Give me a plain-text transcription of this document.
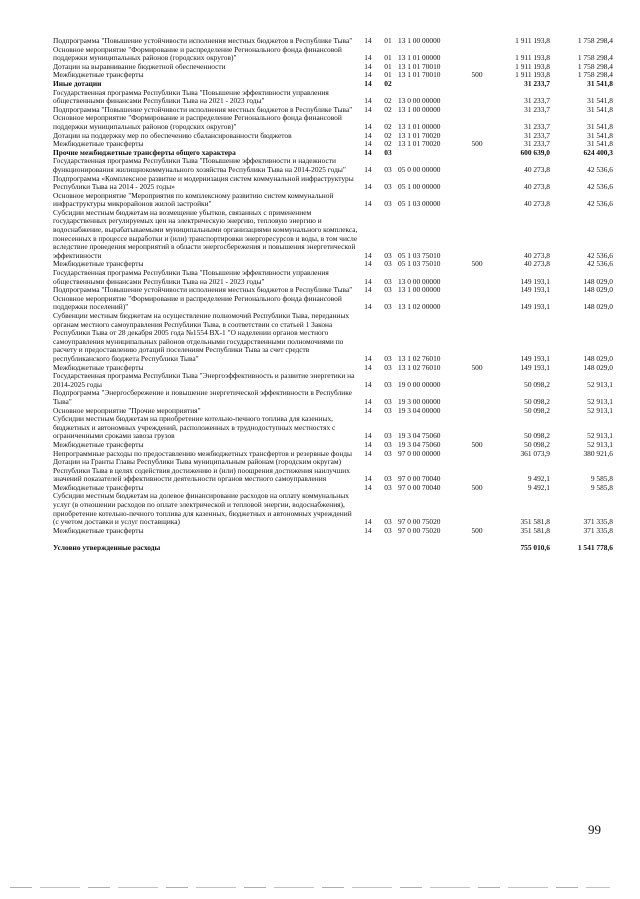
Подпрограмма "Повышение устойчивости исполнения местных бюджетов в Республике Тыва"	14	01	13 1 00 00000		1 911 193,8	1 758 298,4
Основное мероприятие "Формирование и распределение Регионального фонда финансовой поддержки муниципальных районов (городских округов)"	14	01	13 1 01 00000		1 911 193,8	1 758 298,4
Дотации на выравнивание бюджетной обеспеченности	14	01	13 1 01 70010		1 911 193,8	1 758 298,4
Межбюджетные трансферты	14	01	13 1 01 70010	500	1 911 193,8	1 758 298,4
Иные дотации	14	02			31 233,7	31 541,8
Государственная программа Республики Тыва "Повышение эффективности управления общественными финансами Республики Тыва на 2021 - 2023 годы"	14	02	13 0 00 00000		31 233,7	31 541,8
Подпрограмма "Повышение устойчивости исполнения местных бюджетов в Республике Тыва"	14	02	13 1 00 00000		31 233,7	31 541,8
Основное мероприятие "Формирование и распределение Регионального фонда финансовой поддержки муниципальных районов (городских округов)"	14	02	13 1 01 00000		31 233,7	31 541,8
Дотации на поддержку мер по обеспечению сбалансированности бюджетов	14	02	13 1 01 70020		31 233,7	31 541,8
Межбюджетные трансферты	14	02	13 1 01 70020	500	31 233,7	31 541,8
Прочие межбюджетные трансферты общего характера	14	03			600 639,0	624 400,3
Государственная программа Республики Тыва "Повышение эффективности и надежности функционирования жилищнокоммунального хозяйства Республики Тыва на 2014-2025 годы"	14	03	05 0 00 00000		40 273,8	42 536,6
Подпрограмма «Комплексное развитие и модернизация систем коммунальной инфраструктуры Республики Тыва на 2014 - 2025 годы»	14	03	05 1 00 00000		40 273,8	42 536,6
Основное мероприятие "Мероприятия по комплексному развитию систем коммунальной инфраструктуры микрорайонов жилой застройки"	14	03	05 1 03 00000		40 273,8	42 536,6
Субсидии местным бюджетам на возмещение убытков, связанных с применением государственных регулируемых цен на электрическую энергию, тепловую энергию и водоснабжение, вырабатываемыми муниципальными организациями коммунального комплекса, понесенных в процессе выработки и (или) транспортировки энергоресурсов и воды, в том числе вследствие проведения мероприятий в области энергосбережения и повышения энергетической эффективности	14	03	05 1 03 75010		40 273,8	42 536,6
Межбюджетные трансферты	14	03	05 1 03 75010	500	40 273,8	42 536,6
Государственная программа Республики Тыва "Повышение эффективности управления общественными финансами Республики Тыва на 2021 - 2023 годы"	14	03	13 0 00 00000		149 193,1	148 029,0
Подпрограмма "Повышение устойчивости исполнения местных бюджетов в Республике Тыва"	14	03	13 1 00 00000		149 193,1	148 029,0
Основное мероприятие "Формирование и распределение Регионального фонда финансовой поддержки поселений)"	14	03	13 1 02 00000		149 193,1	148 029,0
Субвенции местным бюджетам на осуществление полномочий Республики Тыва, переданных органам местного самоуправления Республики Тыва, в соответствии со статьей 1 Закона Республики Тыва от 28 декабря 2005 года №1554 ВХ-1 "О наделении органов местного самоуправления муниципальных районов отдельными государственными полномочиями по расчету и предоставлению дотаций поселениям Республики Тыва за счет средств республиканского бюджета Республики Тыва"	14	03	13 1 02 76010		149 193,1	148 029,0
Межбюджетные трансферты	14	03	13 1 02 76010	500	149 193,1	148 029,0
Государственная программа Республики Тыва "Энергоэффективность и развитие энергетики на 2014-2025 годы	14	03	19 0 00 00000		50 098,2	52 913,1
Подпрограмма "Энергосбережение и повышение энергетической эффективности в Республике Тыва"	14	03	19 3 00 00000		50 098,2	52 913,1
Основное мероприятие "Прочие мероприятия"	14	03	19 3 04 00000		50 098,2	52 913,1
Субсидии местным бюджетам на приобретение котельно-печного топлива для казенных, бюджетных и автономных учреждений, расположенных в труднодоступных местностях с ограниченными сроками завоза грузов	14	03	19 3 04 75060		50 098,2	52 913,1
Межбюджетные трансферты	14	03	19 3 04 75060	500	50 098,2	52 913,1
Непрограммные расходы по предоставлению межбюджетных трансфертов и резервные фонды	14	03	97 0 00 00000		361 073,9	380 921,6
Дотации на Гранты Главы Республики Тыва муниципальным районам (городским округам) Республики Тыва в целях содействия достижению и (или) поощрения достижения наилучших значений показателей эффективности деятельности органов местного самоуправления	14	03	97 0 00 70040		9 492,1	9 585,8
Межбюджетные трансферты	14	03	97 0 00 70040	500	9 492,1	9 585,8
Субсидии местным бюджетам на долевое финансирование расходов на оплату коммунальных услуг (в отношении расходов по оплате электрической и тепловой энергии, водоснабжения), приобретение котельно-печного топлива для казенных, бюджетных и автономных учреждений (с учетом доставки и услуг поставщика)	14	03	97 0 00 75020		351 581,8	371 335,8
Межбюджетные трансферты	14	03	97 0 00 75020	500	351 581,8	371 335,8

Условно утвержденные расходы					755 010,6	1 541 778,6
99
